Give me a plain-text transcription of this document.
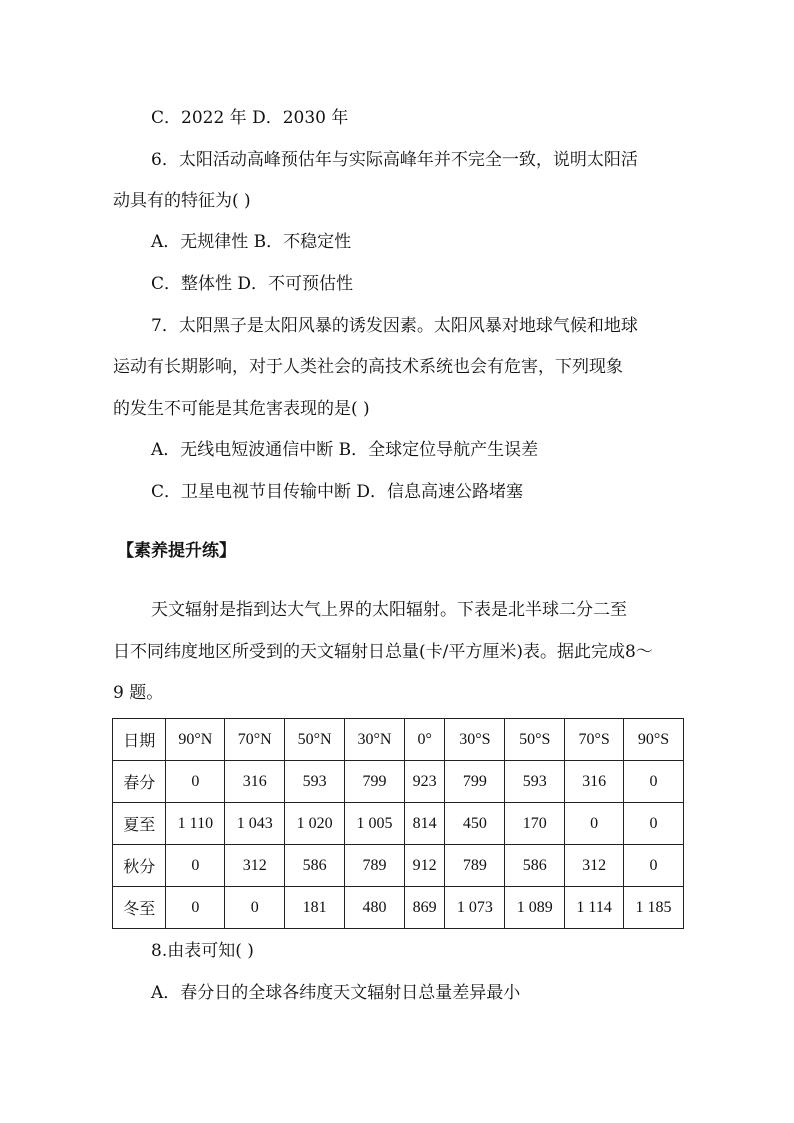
C．2022 年 D．2030 年
6．太阳活动高峰预估年与实际高峰年并不完全一致，说明太阳活
动具有的特征为( )
A．无规律性 B．不稳定性
C．整体性 D．不可预估性
7．太阳黑子是太阳风暴的诱发因素。太阳风暴对地球气候和地球
运动有长期影响，对于人类社会的高技术系统也会有危害，下列现象
的发生不可能是其危害表现的是( )
A．无线电短波通信中断 B．全球定位导航产生误差
C．卫星电视节目传输中断 D．信息高速公路堵塞
【素养提升练】
天文辐射是指到达大气上界的太阳辐射。下表是北半球二分二至
日不同纬度地区所受到的天文辐射日总量(卡/平方厘米)表。据此完成8～
9 题。
日期	90°N	70°N	50°N	30°N	0°	30°S	50°S	70°S	90°S
春分	0	316	593	799	923	799	593	316	0
夏至	1 110	1 043	1 020	1 005	814	450	170	0	0
秋分	0	312	586	789	912	789	586	312	0
冬至	0	0	181	480	869	1 073	1 089	1 114	1 185
8.由表可知( )
A．春分日的全球各纬度天文辐射日总量差异最小
